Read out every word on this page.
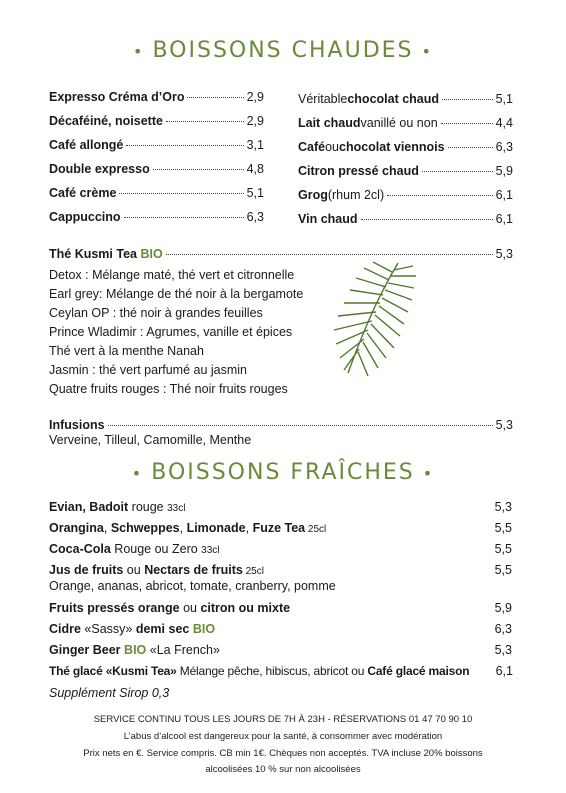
• BOISSONS CHAUDES •
Expresso Créma d’Oro	2,9
Décaféiné, noisette	2,9
Café allongé	3,1
Double expresso	4,8
Café crème	5,1
Cappuccino	6,3
Véritable chocolat chaud	5,1
Lait chaud vanillé ou non	4,4
Café ou chocolat viennois	6,3
Citron pressé chaud	5,9
Grog (rhum 2cl)	6,1
Vin chaud	6,1
Thé Kusmi Tea
BIO	5,3
Detox : Mélange maté, thé vert et citronnelle
Earl grey: Mélange de thé noir à la bergamote
Ceylan OP : thé noir à grandes feuilles
Prince Wladimir : Agrumes, vanille et épices
Thé vert à la menthe Nanah
Jasmin : thé vert parfumé au jasmin
Quatre fruits rouges : Thé noir fruits rouges
Infusions	5,3
Verveine, Tilleul, Camomille, Menthe
• BOISSONS FRAÎCHES •
Evian, Badoit rouge 33cl	5,3
Orangina, Schweppes, Limonade, Fuze Tea 25cl	5,5
Coca-Cola Rouge ou Zero 33cl	5,5
Jus de fruits ou Nectars de fruits 25cl	5,5
Orange, ananas, abricot, tomate, cranberry, pomme
Fruits pressés orange ou citron ou mixte	5,9
Cidre «Sassy» demi sec BIO	6,3
Ginger Beer BIO «La French»	5,3
Thé glacé «Kusmi Tea» Mélange pêche, hibiscus, abricot ou Café glacé maison	6,1
Supplément Sirop 0,3
SERVICE CONTINU TOUS LES JOURS DE 7H À 23H - RÉSERVATIONS 01 47 70 90 10
L’abus d’alcool est dangereux pour la santé, à consommer avec modération
Prix nets en €. Service compris. CB min 1€. Chèques non acceptés. TVA incluse 20% boissons
alcoolisées 10 % sur non alcoolisées
